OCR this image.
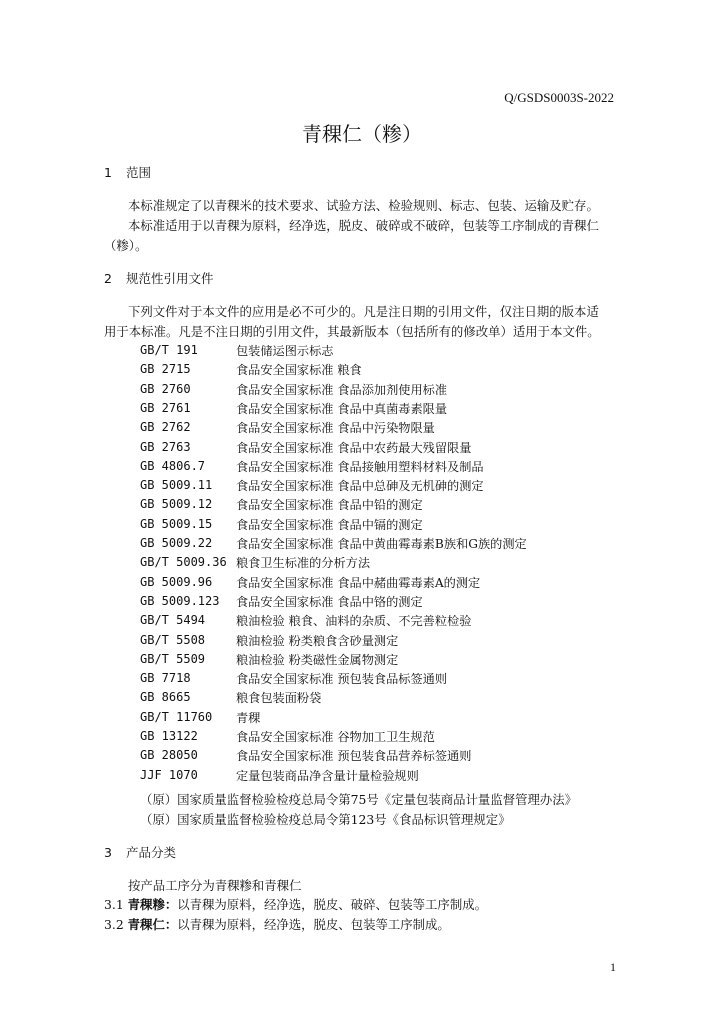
Q/GSDS0003S-2022
青稞仁（糁）
1 范围
本标准规定了以青稞米的技术要求、试验方法、检验规则、标志、包装、运输及贮存。
本标准适用于以青稞为原料，经净选，脱皮、破碎或不破碎，包装等工序制成的青稞仁
（糁）。
2 规范性引用文件
下列文件对于本文件的应用是必不可少的。凡是注日期的引用文件，仅注日期的版本适
用于本标准。凡是不注日期的引用文件，其最新版本（包括所有的修改单）适用于本文件。
GB/T 191	包装储运图示标志
GB 2715	食品安全国家标准 粮食
GB 2760	食品安全国家标准 食品添加剂使用标准
GB 2761	食品安全国家标准 食品中真菌毒素限量
GB 2762	食品安全国家标准 食品中污染物限量
GB 2763	食品安全国家标准 食品中农药最大残留限量
GB 4806.7	食品安全国家标准 食品接触用塑料材料及制品
GB 5009.11 食品安全国家标准 食品中总砷及无机砷的测定
GB 5009.12 食品安全国家标准 食品中铅的测定
GB 5009.15 食品安全国家标准 食品中镉的测定
GB 5009.22 食品安全国家标准 食品中黄曲霉毒素B族和G族的测定
GB/T 5009.36 粮食卫生标准的分析方法
GB 5009.96 食品安全国家标准 食品中赭曲霉毒素A的测定
GB 5009.123 食品安全国家标准 食品中铬的测定
GB/T 5494	粮油检验 粮食、油料的杂质、不完善粒检验
GB/T 5508	粮油检验 粉类粮食含砂量测定
GB/T 5509	粮油检验 粉类磁性金属物测定
GB 7718	食品安全国家标准 预包装食品标签通则
GB 8665	粮食包装面粉袋
GB/T 11760 青稞
GB 13122	食品安全国家标准 谷物加工卫生规范
GB 28050	食品安全国家标准 预包装食品营养标签通则
JJF 1070	定量包装商品净含量计量检验规则
（原）国家质量监督检验检疫总局令第75号《定量包装商品计量监督管理办法》
（原）国家质量监督检验检疫总局令第123号《食品标识管理规定》
3 产品分类
按产品工序分为青稞糁和青稞仁
3.1 青稞糁：以青稞为原料，经净选，脱皮、破碎、包装等工序制成。
3.2 青稞仁：以青稞为原料，经净选，脱皮、包装等工序制成。
1
